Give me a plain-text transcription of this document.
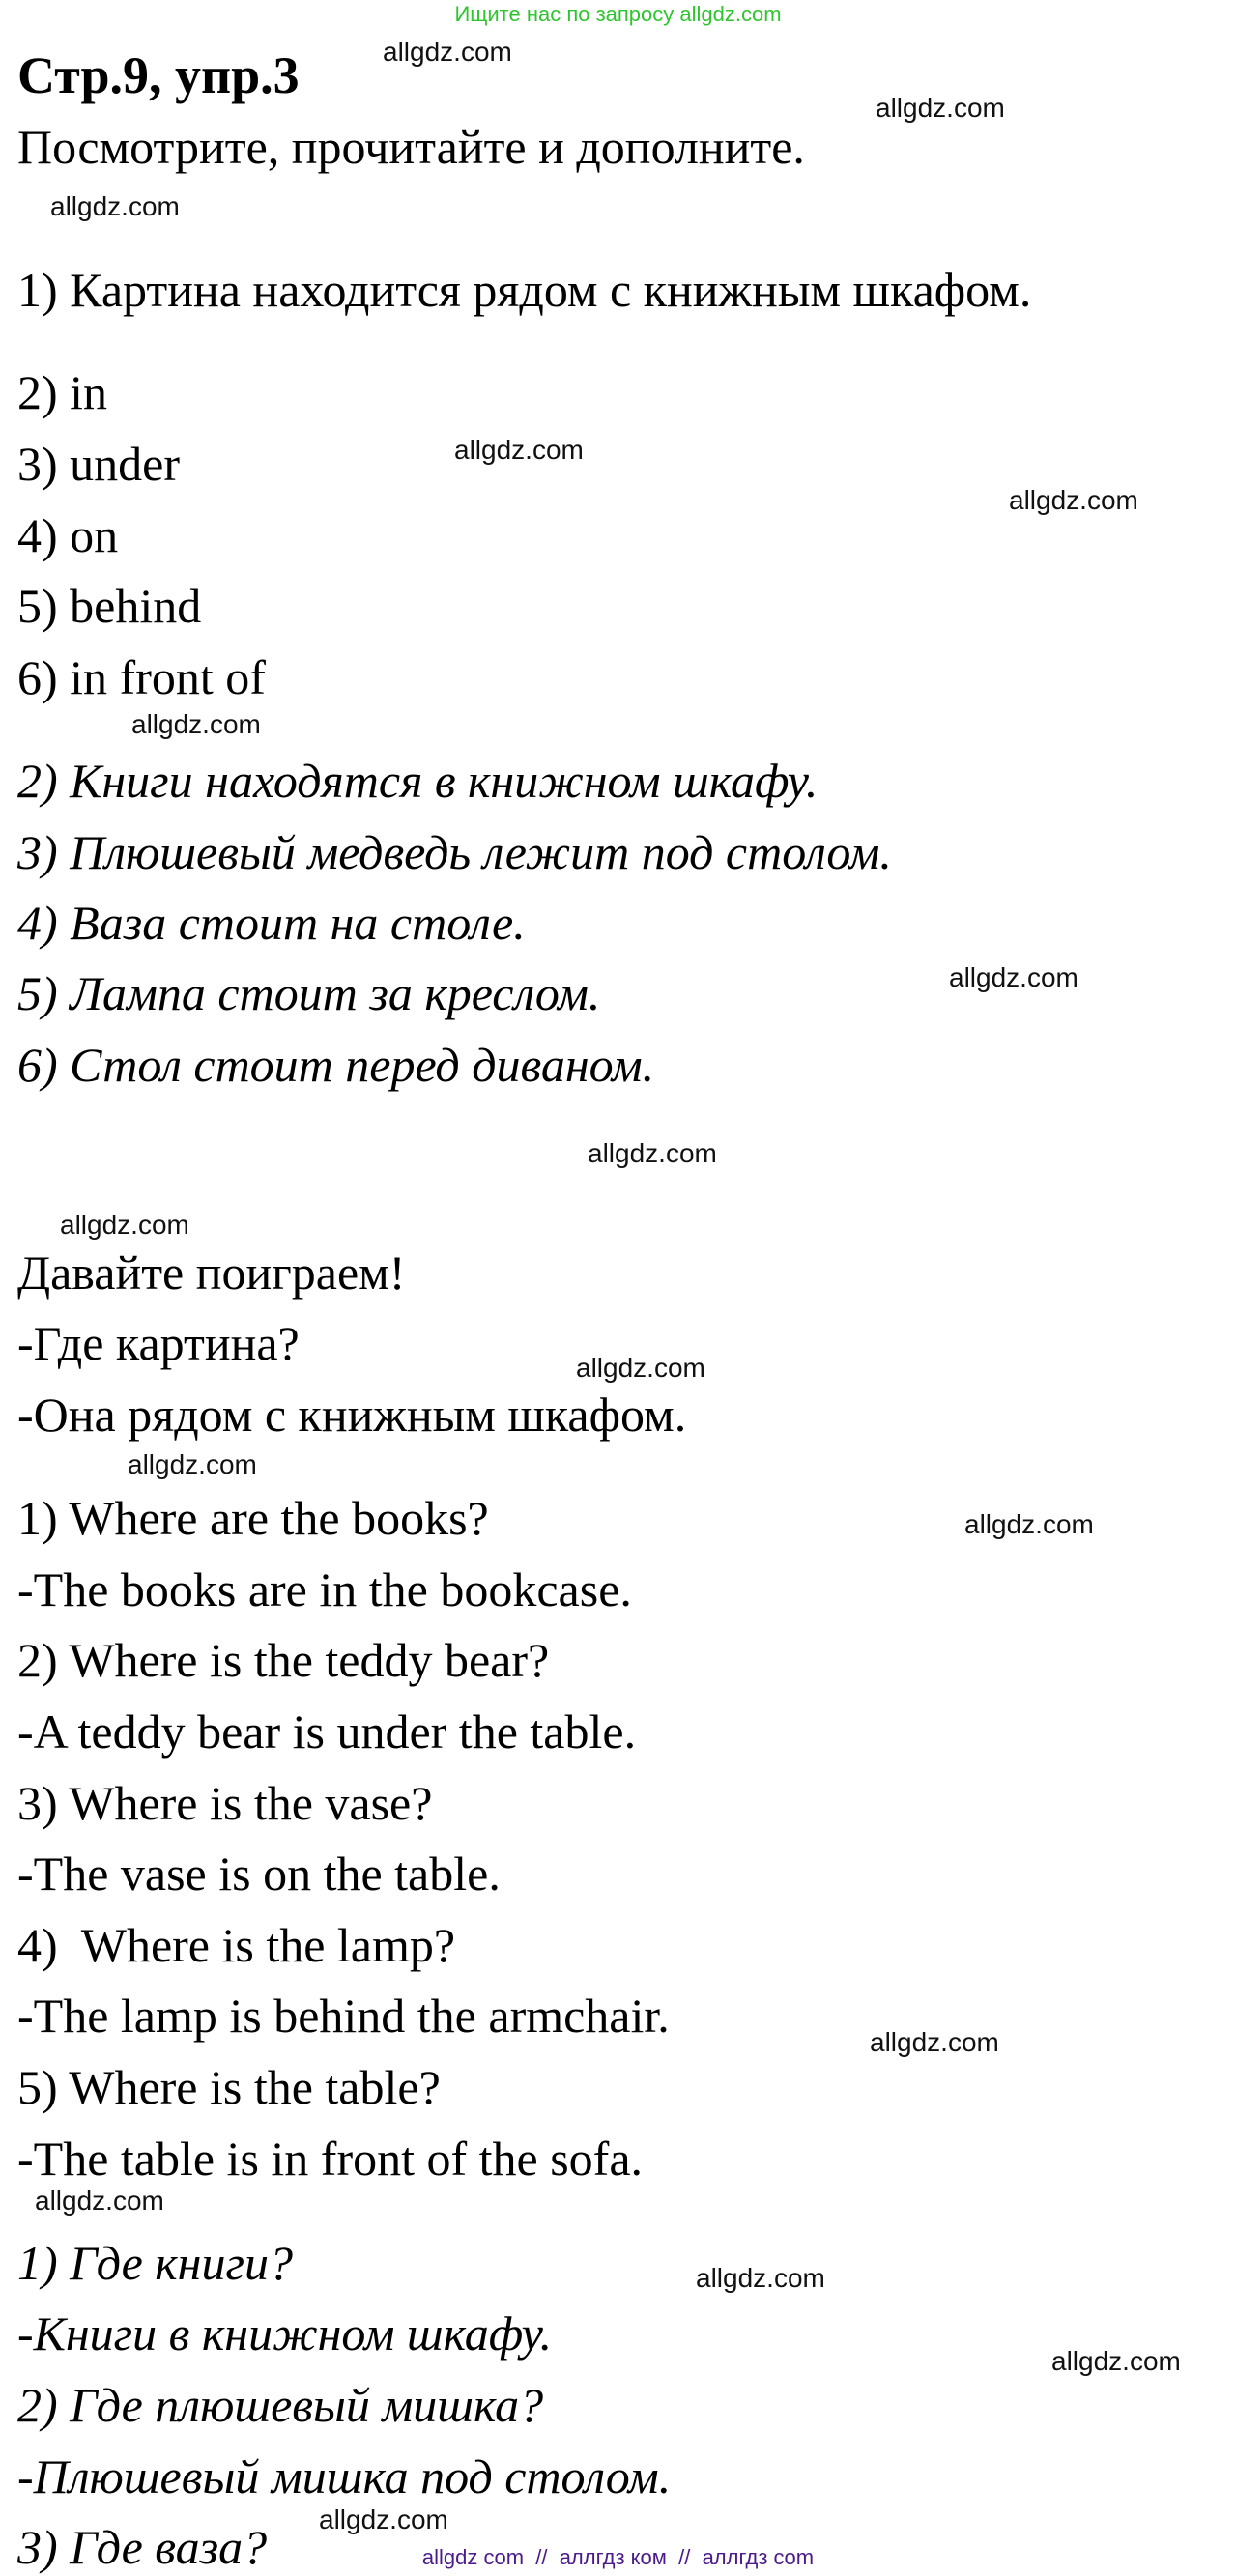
Ищите нас по запросу allgdz.com
Стр.9, упр.3
Посмотрите, прочитайте и дополните.
1) Картина находится рядом с книжным шкафом.
2) in
3) under
4) on
5) behind
6) in front of
2) Книги находятся в книжном шкафу.
3) Плюшевый медведь лежит под столом.
4) Ваза стоит на столе.
5) Лампа стоит за креслом.
6) Стол стоит перед диваном.
Давайте поиграем!
-Где картина?
-Она рядом с книжным шкафом.
1) Where are the books?
-The books are in the bookcase.
2) Where is the teddy bear?
-A teddy bear is under the table.
3) Where is the vase?
-The vase is on the table.
4)  Where is the lamp?
-The lamp is behind the armchair.
5) Where is the table?
-The table is in front of the sofa.
1) Где книги?
-Книги в книжном шкафу.
2) Где плюшевый мишка?
-Плюшевый мишка под столом.
3) Где ваза?
allgdz.com
allgdz.com
allgdz.com
allgdz.com
allgdz.com
allgdz.com
allgdz.com
allgdz.com
allgdz.com
allgdz.com
allgdz.com
allgdz.com
allgdz.com
allgdz.com
allgdz.com
allgdz.com
allgdz.com
allgdz com  //  аллгдз ком  //  аллгдз com
